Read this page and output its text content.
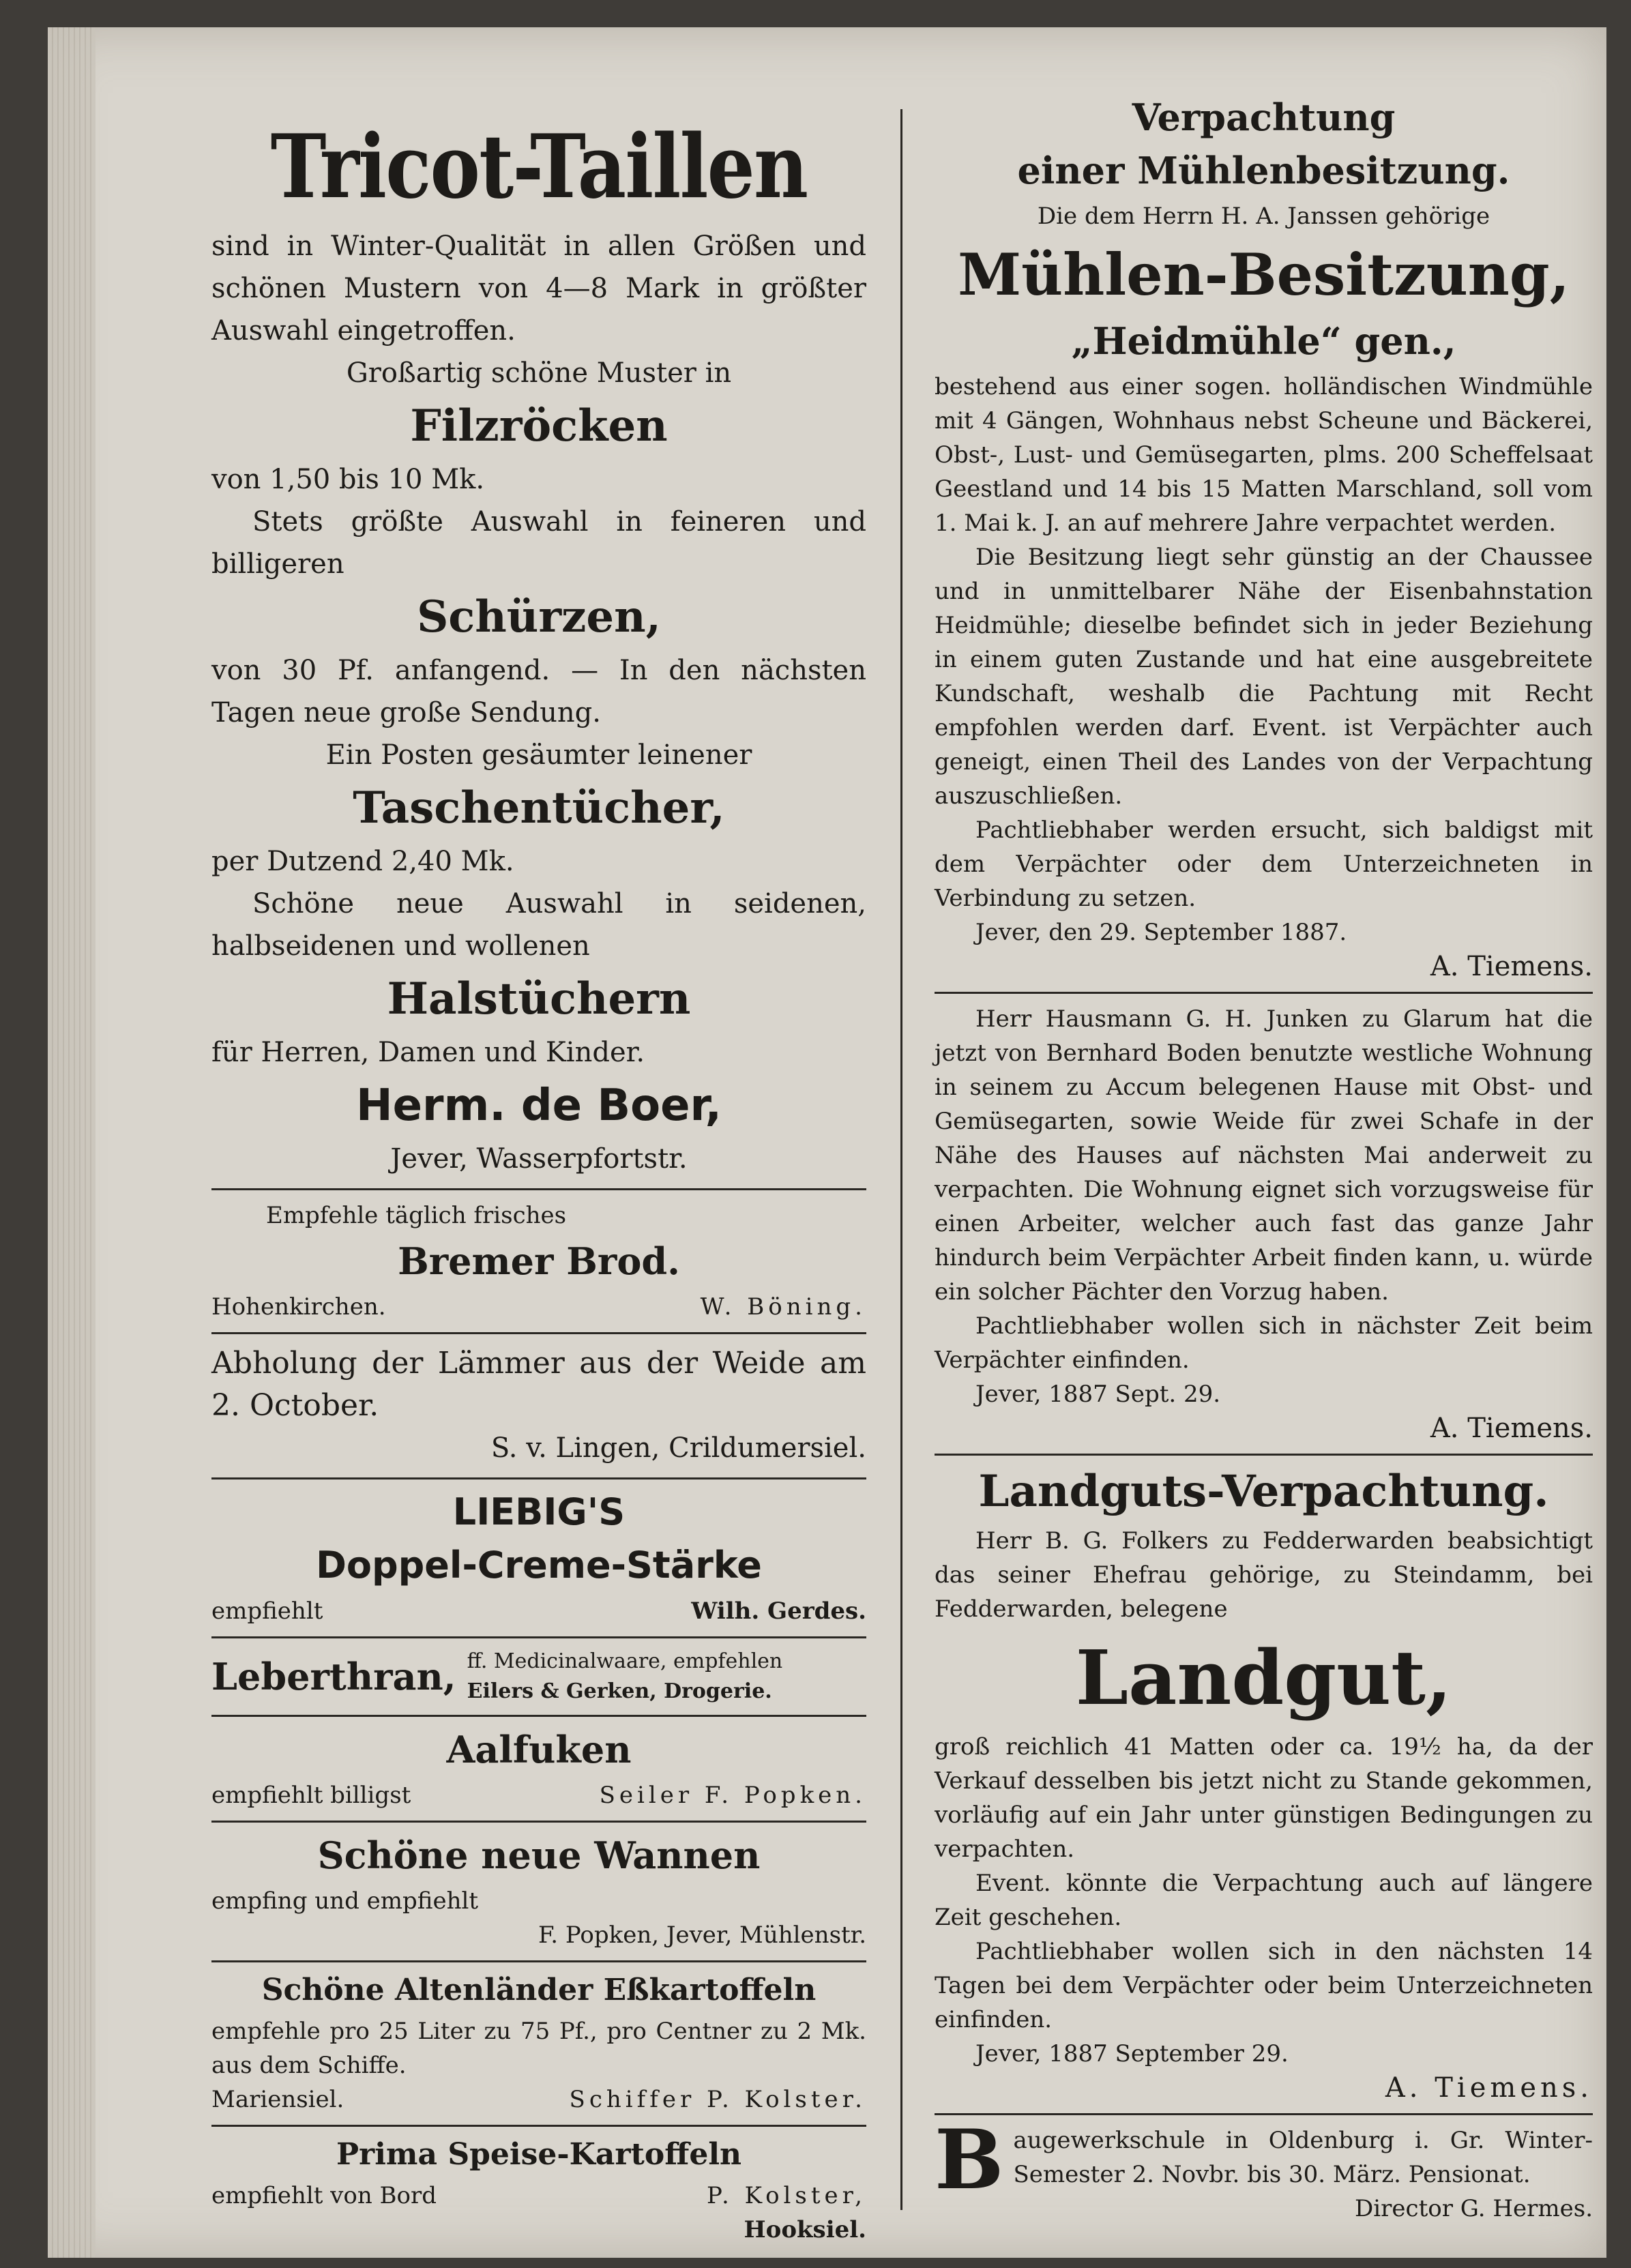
Tricot-Taillen

sind in Winter-Qualität in allen Größen und schönen Mustern von 4—8 Mark in größter Auswahl eingetroffen.

Großartig schöne Muster in

Filzröcken

von 1,50 bis 10 Mk.

Stets größte Auswahl in feineren und billigeren

Schürzen,

von 30 Pf. anfangend. — In den nächsten Tagen neue große Sendung.

Ein Posten gesäumter leinener

Taschentücher,

per Dutzend 2,40 Mk.

Schöne neue Auswahl in seidenen, halbseidenen und wollenen

Halstüchern

für Herren, Damen und Kinder.

Herm. de Boer,

Jever, Wasserpfortstr.

Empfehle täglich frisches

Bremer Brod.
Hohenkirchen.	W. Böning.

Abholung der Lämmer aus der Weide am 2. October.

S. v. Lingen, Crildumersiel.

LIEBIG'S
Doppel-Creme-Stärke
empfiehlt	Wilh. Gerdes.
Leberthran, ff. Medicinalwaare, empfehlen
Eilers & Gerken, Drogerie.
Aalfuken
empfiehlt billigst	Seiler F. Popken.
Schöne neue Wannen

empfing und empfiehlt

F. Popken, Jever, Mühlenstr.

Schöne Altenländer Eßkartoffeln

empfehle pro 25 Liter zu 75 Pf., pro Centner zu 2 Mk. aus dem Schiffe.

Mariensiel.	Schiffer P. Kolster.
Prima Speise-Kartoffeln
empfiehlt von Bord	P. Kolster,

Hooksiel.

Verpachtung
einer Mühlenbesitzung.

Die dem Herrn H. A. Janssen gehörige

Mühlen-Besitzung,
„Heidmühle“ gen.,

bestehend aus einer sogen. holländischen Windmühle mit 4 Gängen, Wohnhaus nebst Scheune und Bäckerei, Obst-, Lust- und Gemüsegarten, plms. 200 Scheffelsaat Geestland und 14 bis 15 Matten Marschland, soll vom 1. Mai k. J. an auf mehrere Jahre verpachtet werden.

Die Besitzung liegt sehr günstig an der Chaussee und in unmittelbarer Nähe der Eisenbahnstation Heidmühle; dieselbe befindet sich in jeder Beziehung in einem guten Zustande und hat eine ausgebreitete Kundschaft, weshalb die Pachtung mit Recht empfohlen werden darf. Event. ist Verpächter auch geneigt, einen Theil des Landes von der Verpachtung auszuschließen.

Pachtliebhaber werden ersucht, sich baldigst mit dem Verpächter oder dem Unterzeichneten in Verbindung zu setzen.

Jever, den 29. September 1887.

A. Tiemens.

Herr Hausmann G. H. Junken zu Glarum hat die jetzt von Bernhard Boden benutzte westliche Wohnung in seinem zu Accum belegenen Hause mit Obst- und Gemüsegarten, sowie Weide für zwei Schafe in der Nähe des Hauses auf nächsten Mai anderweit zu verpachten. Die Wohnung eignet sich vorzugsweise für einen Arbeiter, welcher auch fast das ganze Jahr hindurch beim Verpächter Arbeit finden kann, u. würde ein solcher Pächter den Vorzug haben.

Pachtliebhaber wollen sich in nächster Zeit beim Verpächter einfinden.

Jever, 1887 Sept. 29.

A. Tiemens.

Landguts-Verpachtung.

Herr B. G. Folkers zu Fedderwarden beabsichtigt das seiner Ehefrau gehörige, zu Steindamm, bei Fedderwarden, belegene

Landgut,

groß reichlich 41 Matten oder ca. 19½ ha, da der Verkauf desselben bis jetzt nicht zu Stande gekommen, vorläufig auf ein Jahr unter günstigen Bedingungen zu verpachten.

Event. könnte die Verpachtung auch auf längere Zeit geschehen.

Pachtliebhaber wollen sich in den nächsten 14 Tagen bei dem Verpächter oder beim Unterzeichneten einfinden.

Jever, 1887 September 29.

A. Tiemens.

B augewerkschule in Oldenburg i. Gr. Winter-Semester 2. Novbr. bis 30. März. Pensionat.

Director G. Hermes.
